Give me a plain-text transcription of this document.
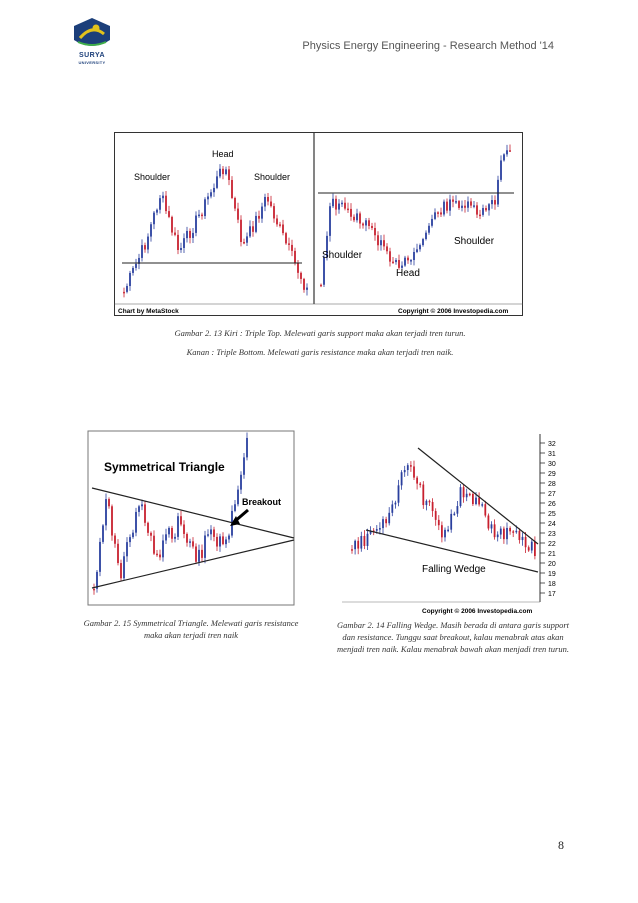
SURYA
UNIVERSITY
Physics Energy Engineering - Research Method '14
Shoulder
Head
Shoulder
Shoulder
Head
Shoulder
Chart by MetaStock	Copyright © 2006 Investopedia.com
Gambar 2. 13 Kiri : Triple Top. Melewati garis support maka akan terjadi tren turun.
Kanan : Triple Bottom. Melewati garis resistance maka akan terjadi tren naik.
Symmetrical Triangle
Breakout
Gambar 2. 15 Symmetrical Triangle. Melewati garis resistance maka akan terjadi tren naik
32
31
30
29
28
27
26
25
24
23
22
21
20
19
18
17
Falling Wedge
Copyright © 2006 Investopedia.com
Gambar 2. 14 Falling Wedge. Masih berada di antara garis support dan resistance. Tunggu saat breakout, kalau menabrak atas akan menjadi tren naik. Kalau menabrak bawah akan menjadi tren turun.
8
